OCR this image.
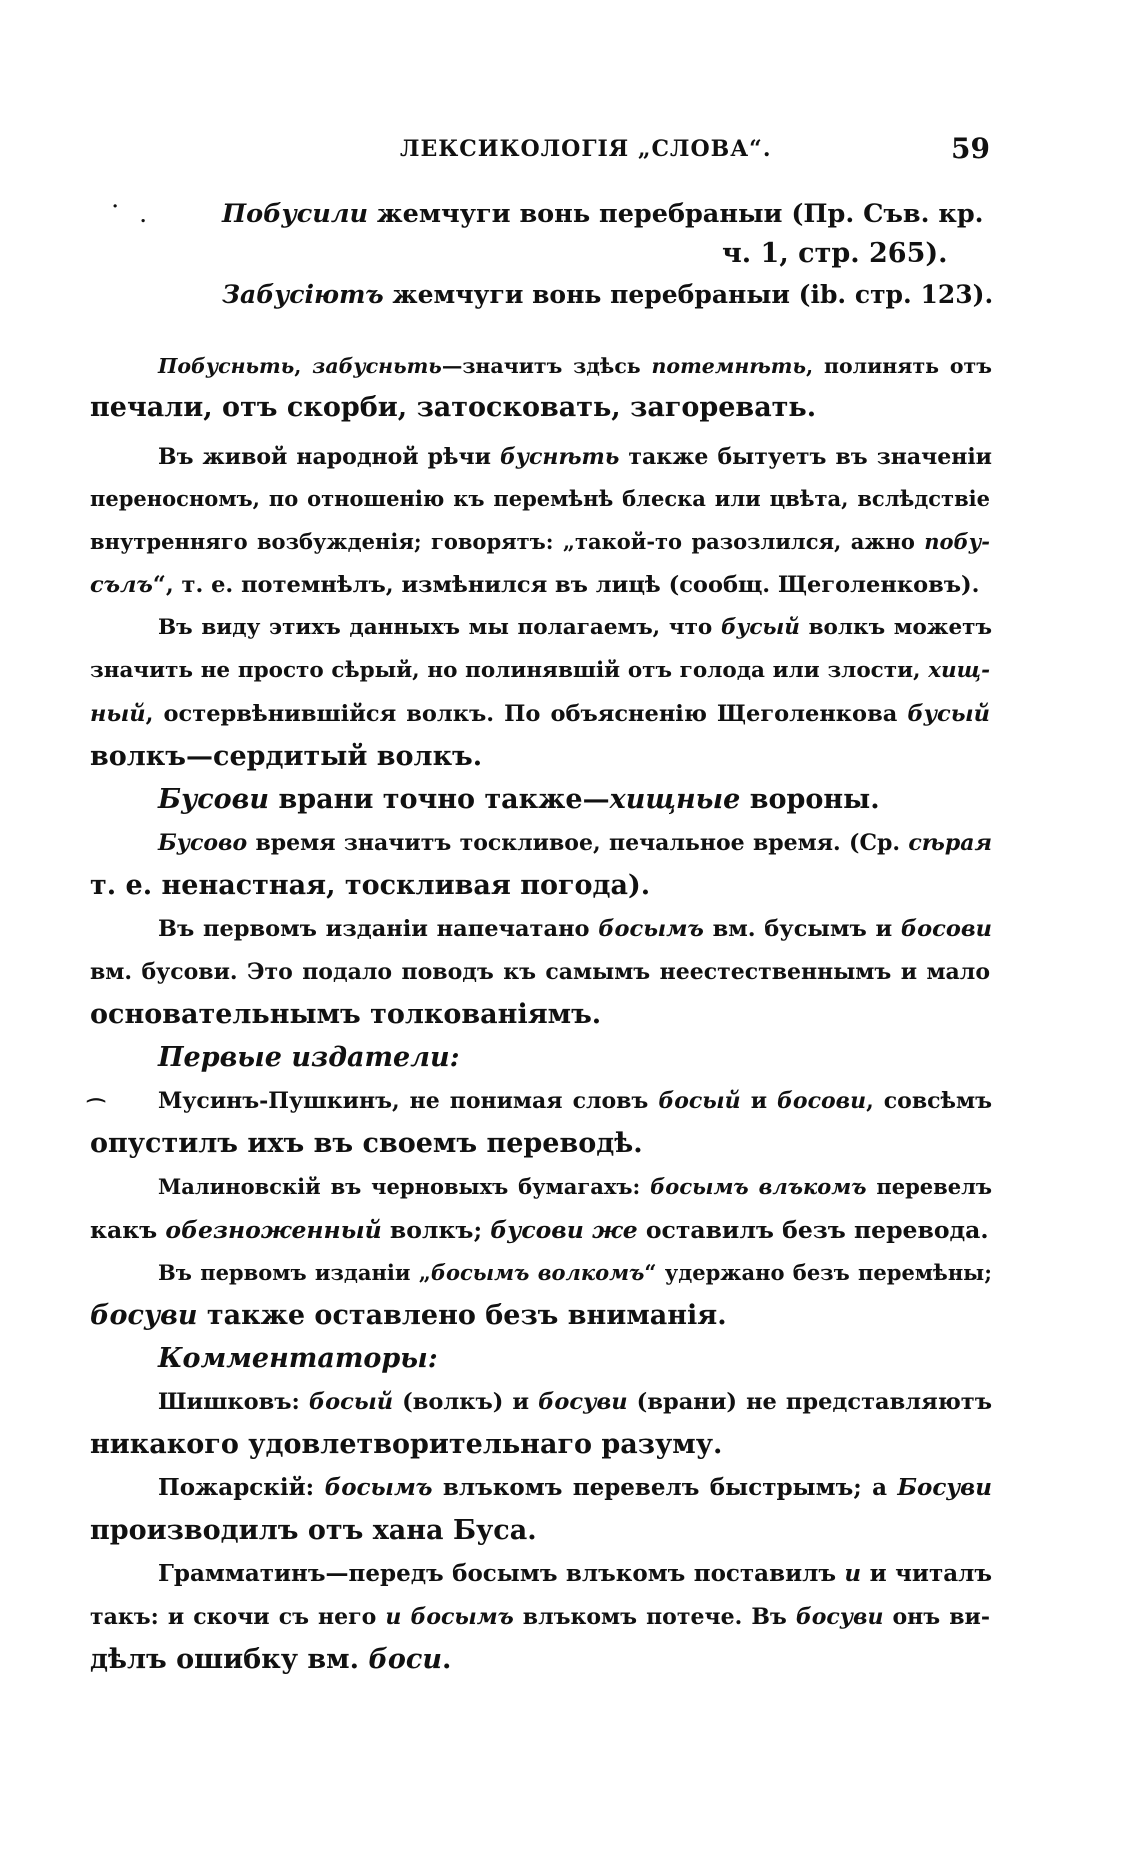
ЛЕКСИКОЛОГІЯ „СЛОВА“.	59
· .	Побусили жемчуги вонь перебраныи (Пр. Съв. кр.
ч. 1, стр. 265).
Забусіютъ жемчуги вонь перебраныи (ib. стр. 123).
Побусньть, забусньть—значитъ здѣсь потемнѣть, полинять отъ
печали, отъ скорби, затосковать, загоревать.
Въ живой народной рѣчи буснѣть также бытуетъ въ значеніи
переносномъ, по отношенію къ перемѣнѣ блеска или цвѣта, вслѣдствіе
внутренняго возбужденія; говорятъ: „такой-то разозлился, ажно побу-
сълъ“, т. е. потемнѣлъ, измѣнился въ лицѣ (сообщ. Щеголенковъ).
Въ виду этихъ данныхъ мы полагаемъ, что бусый волкъ можетъ
значить не просто сѣрый, но полинявшій отъ голода или злости, хищ-
ный, остервѣнившійся волкъ. По объясненію Щеголенкова бусый
волкъ—сердитый волкъ.
Бусови врани точно также—хищные вороны.
Бусово время значитъ тоскливое, печальное время. (Ср. сѣрая
т. е. ненастная, тоскливая погода).
Въ первомъ изданіи напечатано босымъ вм. бусымъ и босови
вм. бусови. Это подало поводъ къ самымъ неестественнымъ и мало
основательнымъ толкованіямъ.
Первые издатели:
⁔ Мусинъ-Пушкинъ, не понимая словъ босый и босови, совсѣмъ
опустилъ ихъ въ своемъ переводѣ.
Малиновскій въ черновыхъ бумагахъ: босымъ влъкомъ перевелъ
какъ обезноженный волкъ; бусови же оставилъ безъ перевода.
Въ первомъ изданіи „босымъ волкомъ“ удержано безъ перемѣны;
босуви также оставлено безъ вниманія.
Комментаторы:
Шишковъ: босый (волкъ) и босуви (врани) не представляютъ
никакого удовлетворительнаго разуму.
Пожарскій: босымъ влъкомъ перевелъ быстрымъ; а Босуви
производилъ отъ хана Буса.
Грамматинъ—передъ босымъ влъкомъ поставилъ и и читалъ
такъ: и скочи съ него и босымъ влъкомъ потече. Въ босуви онъ ви-
дѣлъ ошибку вм. боси.
